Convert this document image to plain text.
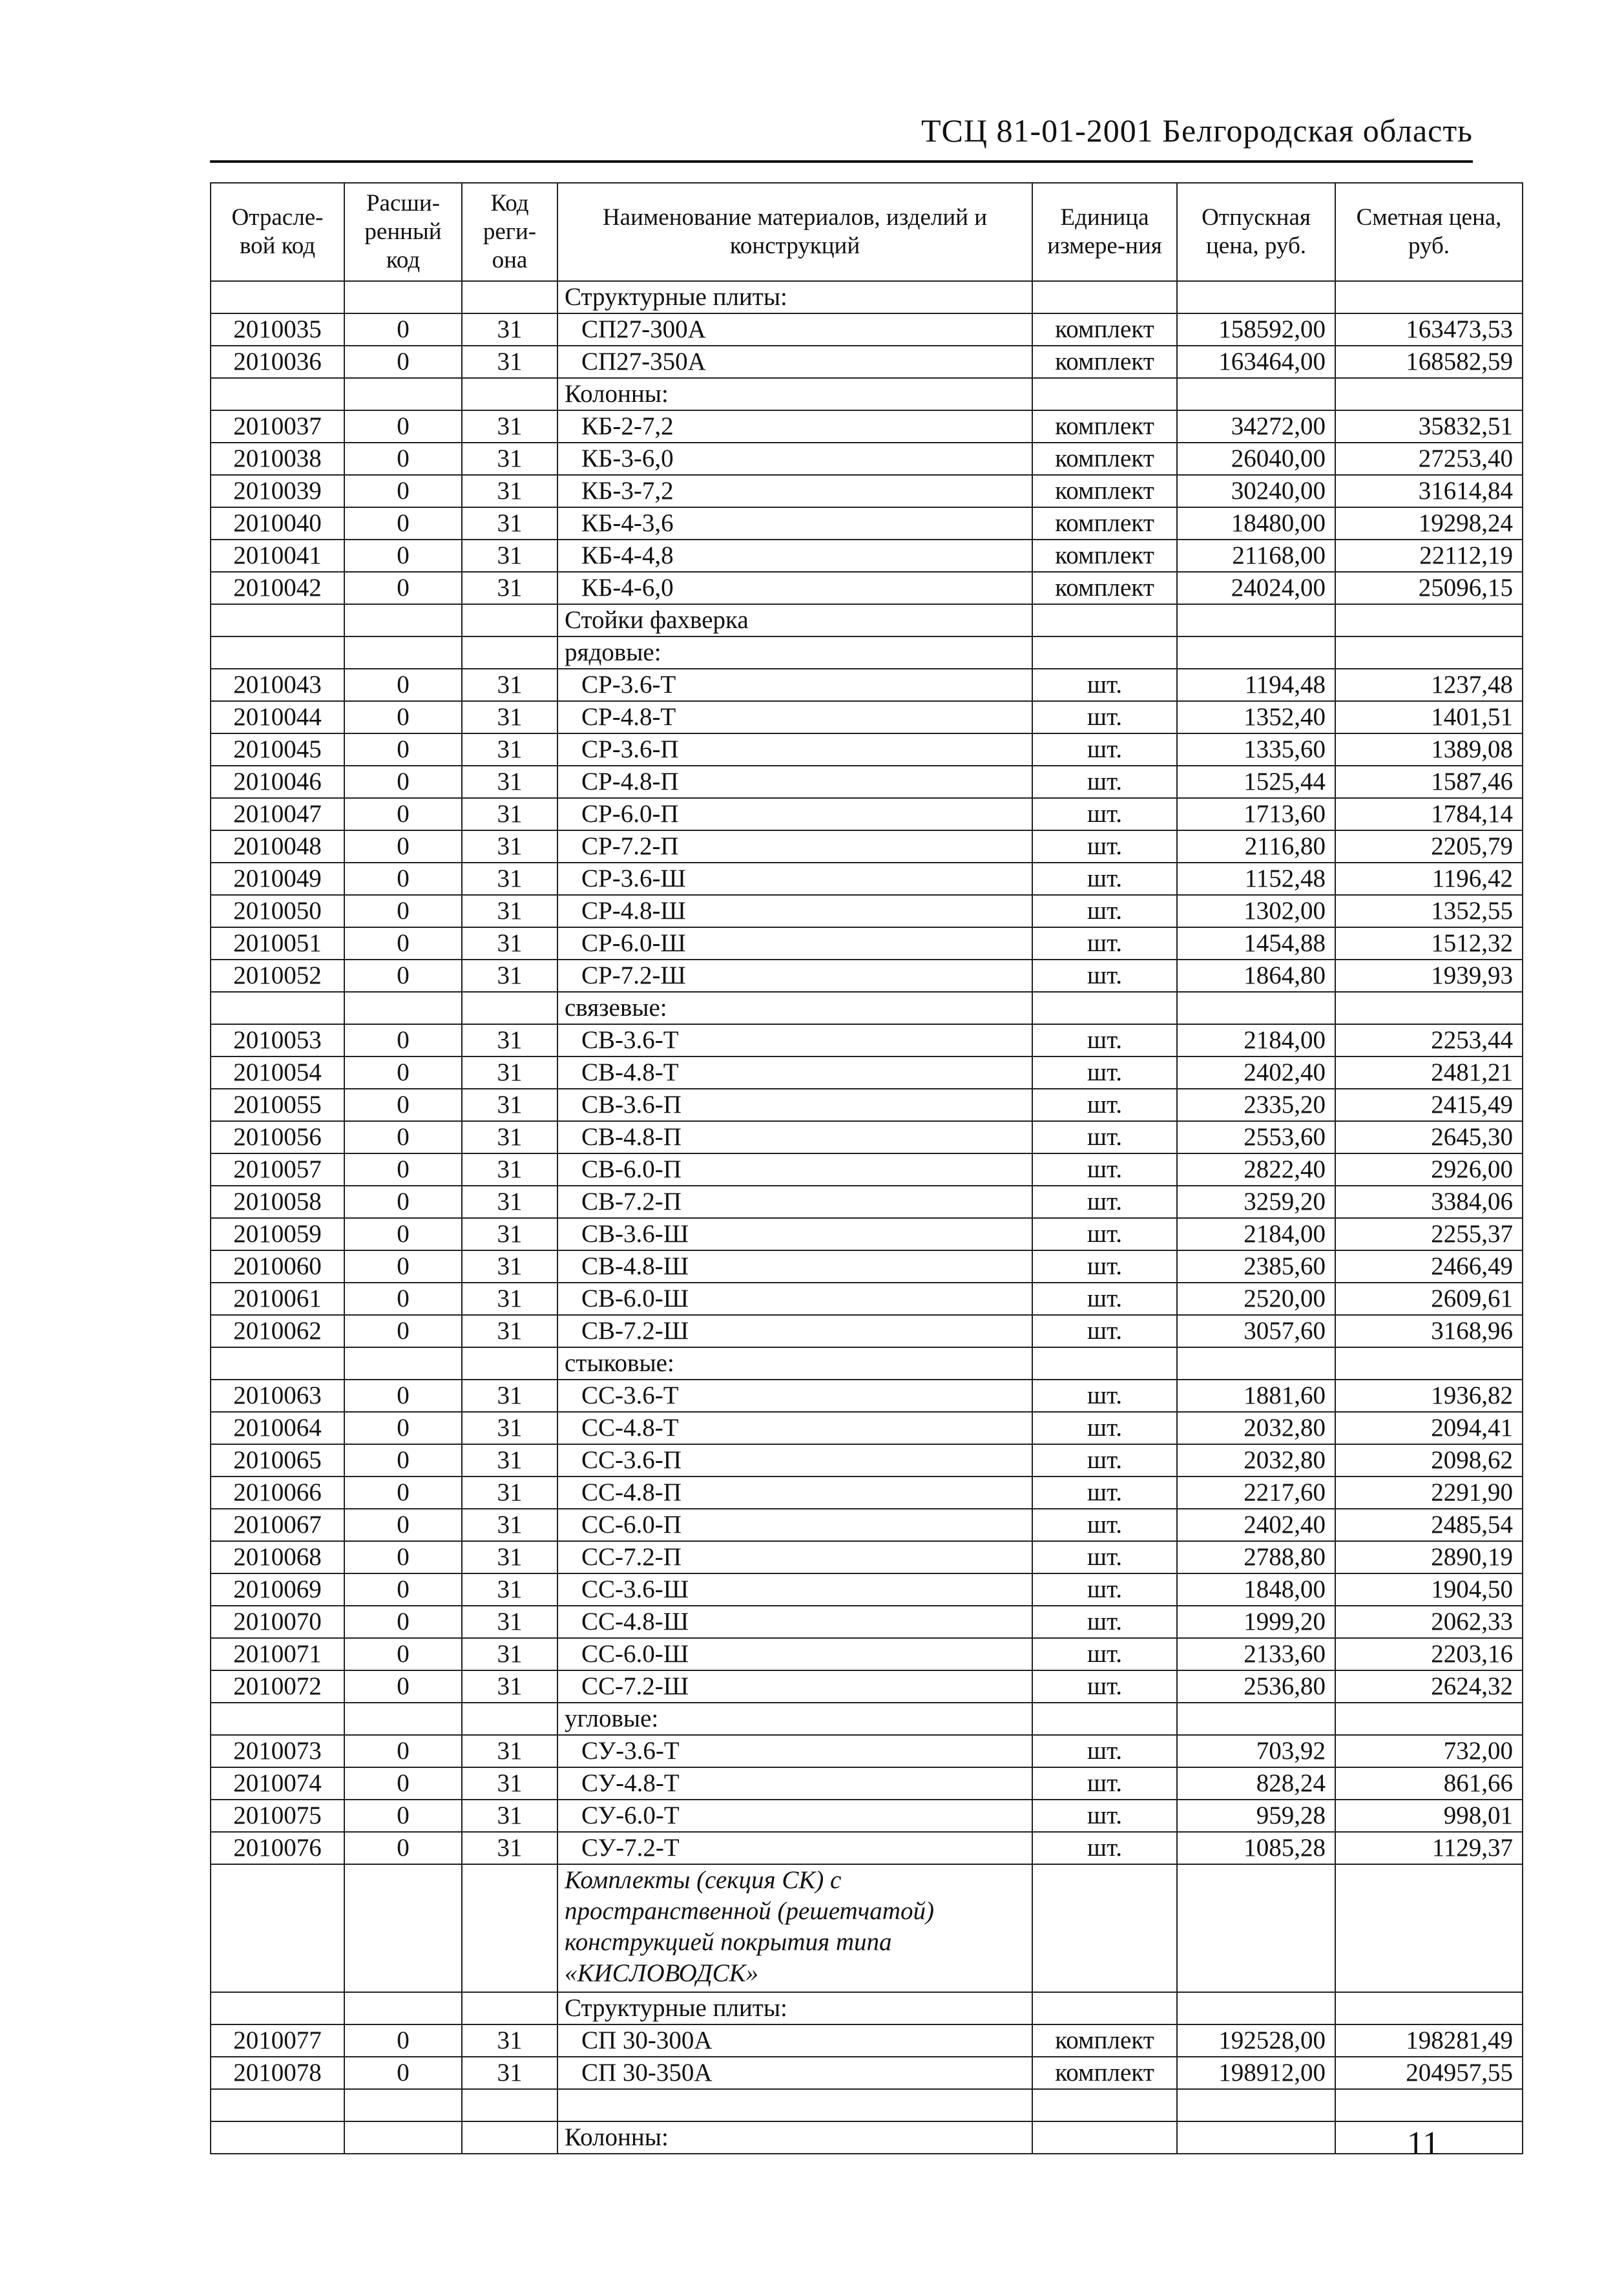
ТСЦ 81-01-2001 Белгородская область
Отрасле-вой код	Расши-ренный код	Код реги-она	Наименование материалов, изделий и конструкций	Единица измере-ния	Отпускная цена, руб.	Сметная цена, руб.
			Структурные плиты:			
2010035	0	31	СП27-300А	комплект	158592,00	163473,53
2010036	0	31	СП27-350А	комплект	163464,00	168582,59
			Колонны:			
2010037	0	31	КБ-2-7,2	комплект	34272,00	35832,51
2010038	0	31	КБ-3-6,0	комплект	26040,00	27253,40
2010039	0	31	КБ-3-7,2	комплект	30240,00	31614,84
2010040	0	31	КБ-4-3,6	комплект	18480,00	19298,24
2010041	0	31	КБ-4-4,8	комплект	21168,00	22112,19
2010042	0	31	КБ-4-6,0	комплект	24024,00	25096,15
			Стойки фахверка			
			рядовые:			
2010043	0	31	СР-3.6-Т	шт.	1194,48	1237,48
2010044	0	31	СР-4.8-Т	шт.	1352,40	1401,51
2010045	0	31	СР-3.6-П	шт.	1335,60	1389,08
2010046	0	31	СР-4.8-П	шт.	1525,44	1587,46
2010047	0	31	СР-6.0-П	шт.	1713,60	1784,14
2010048	0	31	СР-7.2-П	шт.	2116,80	2205,79
2010049	0	31	СР-3.6-Ш	шт.	1152,48	1196,42
2010050	0	31	СР-4.8-Ш	шт.	1302,00	1352,55
2010051	0	31	СР-6.0-Ш	шт.	1454,88	1512,32
2010052	0	31	СР-7.2-Ш	шт.	1864,80	1939,93
			связевые:			
2010053	0	31	СВ-3.6-Т	шт.	2184,00	2253,44
2010054	0	31	СВ-4.8-Т	шт.	2402,40	2481,21
2010055	0	31	СВ-3.6-П	шт.	2335,20	2415,49
2010056	0	31	СВ-4.8-П	шт.	2553,60	2645,30
2010057	0	31	СВ-6.0-П	шт.	2822,40	2926,00
2010058	0	31	СВ-7.2-П	шт.	3259,20	3384,06
2010059	0	31	СВ-3.6-Ш	шт.	2184,00	2255,37
2010060	0	31	СВ-4.8-Ш	шт.	2385,60	2466,49
2010061	0	31	СВ-6.0-Ш	шт.	2520,00	2609,61
2010062	0	31	СВ-7.2-Ш	шт.	3057,60	3168,96
			стыковые:			
2010063	0	31	СС-3.6-Т	шт.	1881,60	1936,82
2010064	0	31	СС-4.8-Т	шт.	2032,80	2094,41
2010065	0	31	СС-3.6-П	шт.	2032,80	2098,62
2010066	0	31	СС-4.8-П	шт.	2217,60	2291,90
2010067	0	31	СС-6.0-П	шт.	2402,40	2485,54
2010068	0	31	СС-7.2-П	шт.	2788,80	2890,19
2010069	0	31	СС-3.6-Ш	шт.	1848,00	1904,50
2010070	0	31	СС-4.8-Ш	шт.	1999,20	2062,33
2010071	0	31	СС-6.0-Ш	шт.	2133,60	2203,16
2010072	0	31	СС-7.2-Ш	шт.	2536,80	2624,32
			угловые:			
2010073	0	31	СУ-3.6-Т	шт.	703,92	732,00
2010074	0	31	СУ-4.8-Т	шт.	828,24	861,66
2010075	0	31	СУ-6.0-Т	шт.	959,28	998,01
2010076	0	31	СУ-7.2-Т	шт.	1085,28	1129,37
			Комплекты (секция СК) с пространственной (решетчатой) конструкцией покрытия типа «КИСЛОВОДСК»			
			Структурные плиты:			
2010077	0	31	СП 30-300А	комплект	192528,00	198281,49
2010078	0	31	СП 30-350А	комплект	198912,00	204957,55

			Колонны:				11
